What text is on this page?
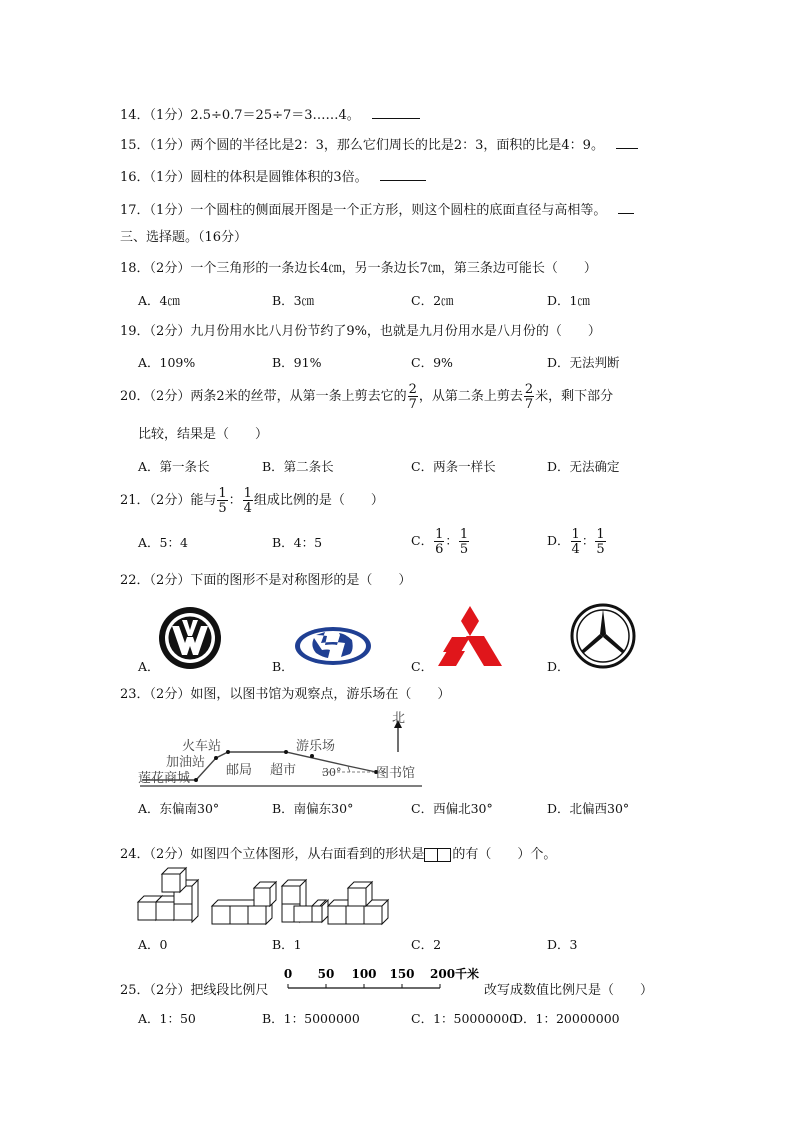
14．（1分）2.5÷0.7＝25÷7＝3……4。
15．（1分）两个圆的半径比是2：3，那么它们周长的比是2：3，面积的比是4：9。
16．（1分）圆柱的体积是圆锥体积的3倍。
17．（1分）一个圆柱的侧面展开图是一个正方形，则这个圆柱的底面直径与高相等。
三、选择题。（16分）
18．（2分）一个三角形的一条边长4㎝，另一条边长7㎝，第三条边可能长（　　）
A．4㎝	B．3㎝	C．2㎝	D．1㎝
19．（2分）九月份用水比八月份节约了9%，也就是九月份用水是八月份的（　　）
A．109%	B．91%	C．9%	D．无法判断
20．（2分）两条2米的丝带，从第一条上剪去它的 $\frac{2}{7}$ ，从第二条上剪去 $\frac{2}{7}$ 米，剩下部分
比较，结果是（　　）
A．第一条长	B．第二条长	C．两条一样长	D．无法确定
21．（2分）能与 $\frac{1}{5}$ ： $\frac{1}{4}$ 组成比例的是（　　）
A．5：4	B．4：5	C． $\frac{1}{6}$ ： $\frac{1}{5}$	D． $\frac{1}{4}$ ： $\frac{1}{5}$
22．（2分）下面的图形不是对称图形的是（　　）
A．	B．	C．	D．
23．（2分）如图，以图书馆为观察点，游乐场在（　　）
北
火车站
加油站
莲花商城
邮局 超市
游乐场
图书馆
30°
A．东偏南30°	B．南偏东30°	C．西偏北30°	D．北偏西30°
24．（2分）如图四个立体图形，从右面看到的形状是 的有（　　）个。
A．0	B．1	C．2	D．3
25．（2分）把线段比例尺
0 50 100 150 200千米
改写成数值比例尺是（　　）
A．1：50	B．1：5000000	C．1：50000000
D．1：20000000
